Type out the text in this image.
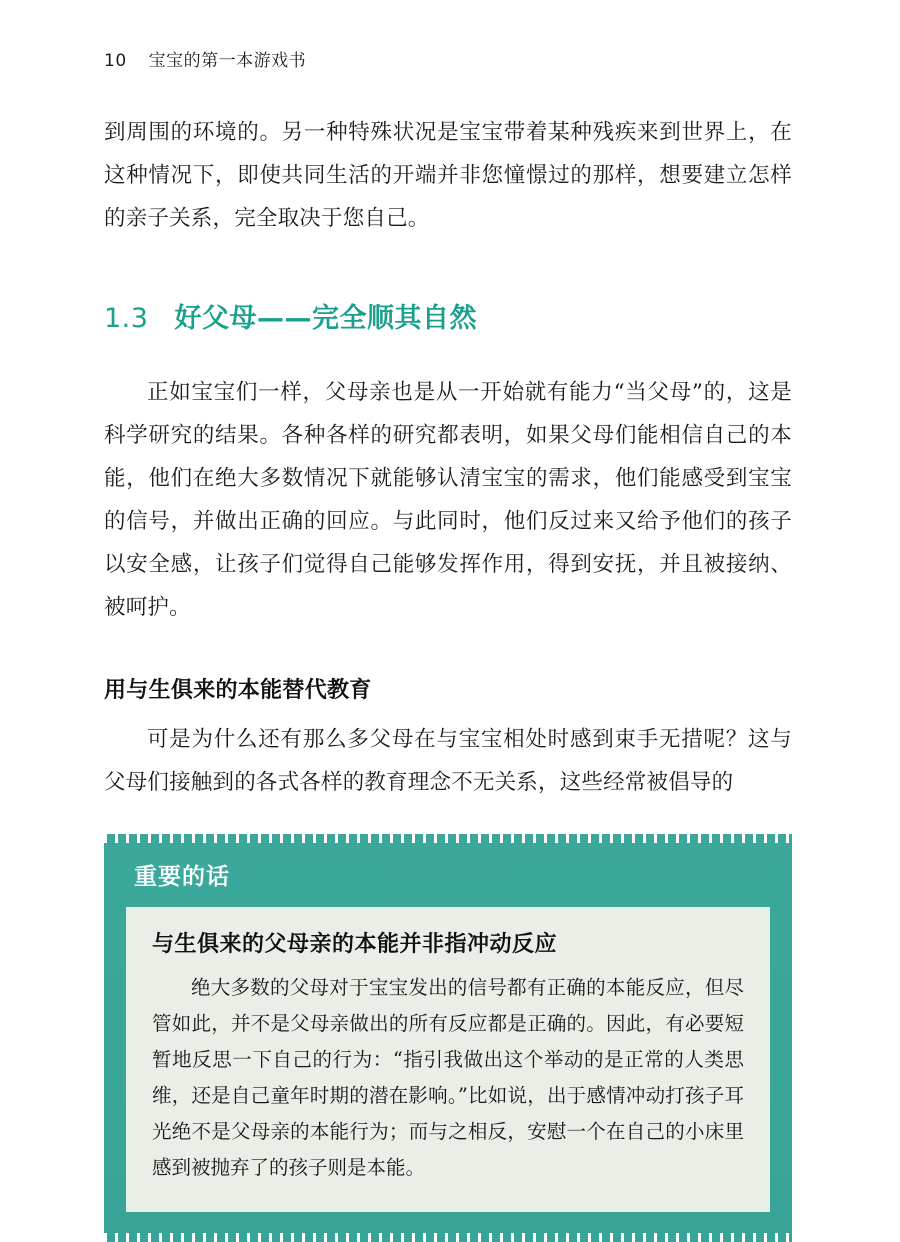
10 宝宝的第一本游戏书

到周围的环境的。另一种特殊状况是宝宝带着某种残疾来到世界上，在这种情况下，即使共同生活的开端并非您憧憬过的那样，想要建立怎样的亲子关系，完全取决于您自己。

1.3 好父母——完全顺其自然

正如宝宝们一样，父母亲也是从一开始就有能力“当父母”的，这是科学研究的结果。各种各样的研究都表明，如果父母们能相信自己的本能，他们在绝大多数情况下就能够认清宝宝的需求，他们能感受到宝宝的信号，并做出正确的回应。与此同时，他们反过来又给予他们的孩子以安全感，让孩子们觉得自己能够发挥作用，得到安抚，并且被接纳、被呵护。

用与生俱来的本能替代教育

可是为什么还有那么多父母在与宝宝相处时感到束手无措呢？这与父母们接触到的各式各样的教育理念不无关系，这些经常被倡导的

重要的话
与生俱来的父母亲的本能并非指冲动反应

绝大多数的父母对于宝宝发出的信号都有正确的本能反应，但尽管如此，并不是父母亲做出的所有反应都是正确的。因此，有必要短暂地反思一下自己的行为：“指引我做出这个举动的是正常的人类思维，还是自己童年时期的潜在影响。”比如说，出于感情冲动打孩子耳光绝不是父母亲的本能行为；而与之相反，安慰一个在自己的小床里感到被抛弃了的孩子则是本能。
